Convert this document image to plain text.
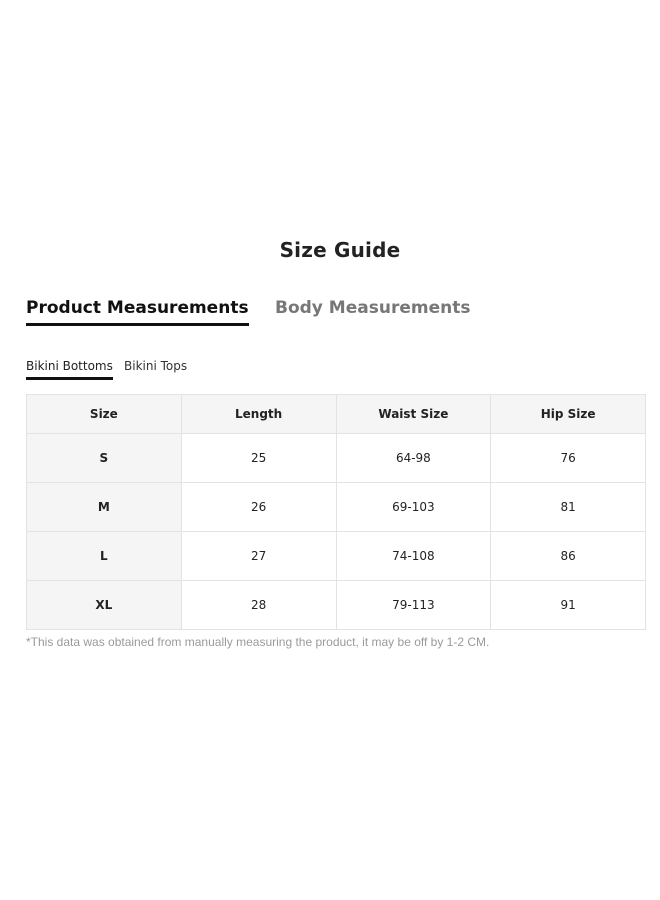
Size Guide
Product Measurements Body Measurements
Bikini Bottoms Bikini Tops
Size	Length	Waist Size	Hip Size
S	25	64-98	76
M	26	69-103	81
L	27	74-108	86
XL	28	79-113	91
*This data was obtained from manually measuring the product, it may be off by 1-2 CM.
